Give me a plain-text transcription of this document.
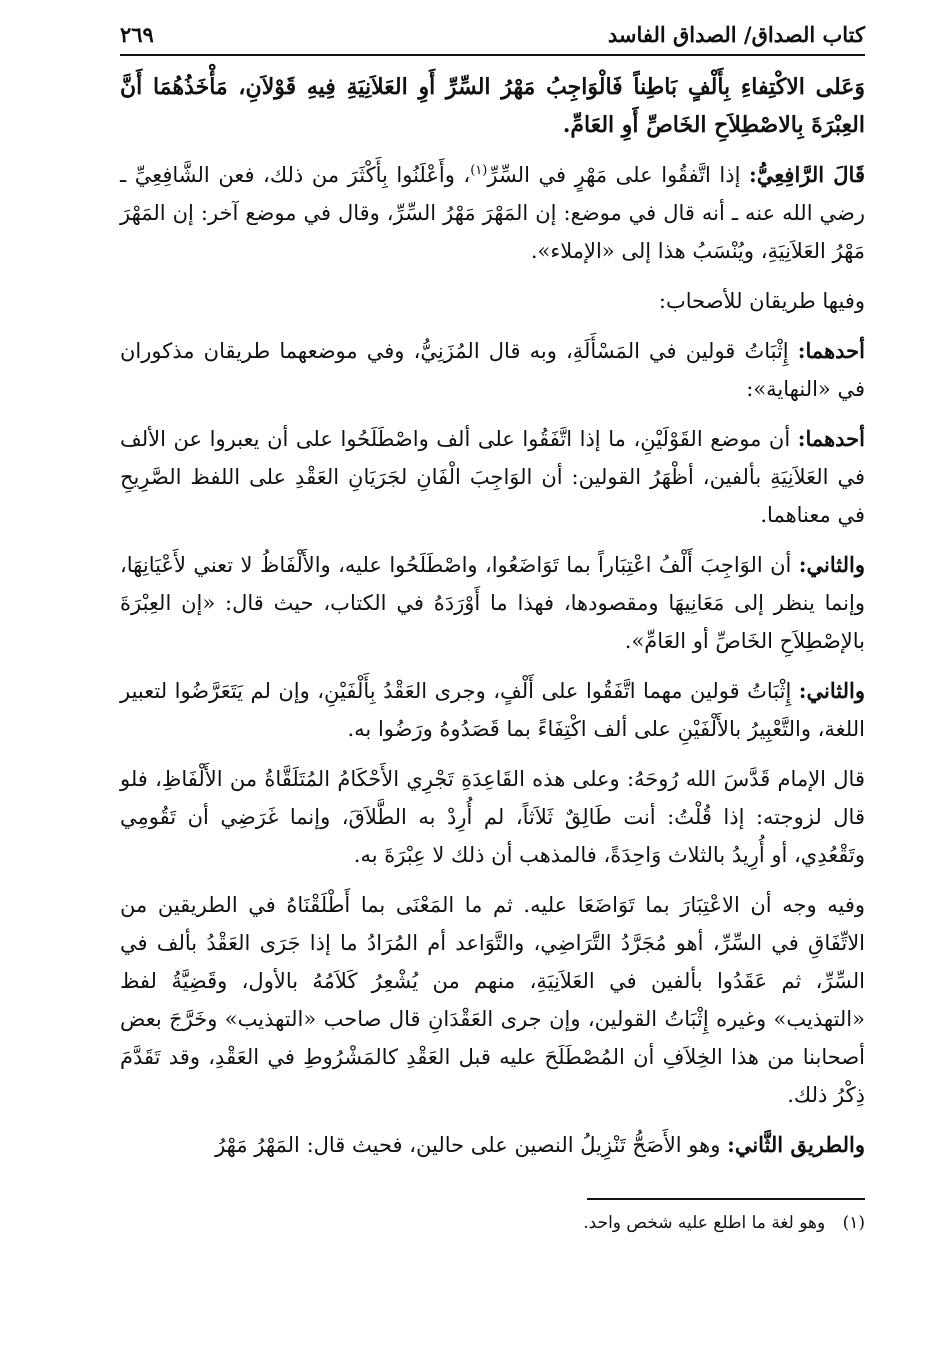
كتاب الصداق/ الصداق الفاسد
٢٦٩

وَعَلى الاكْتِفاءِ بِأَلْفٍ بَاطِناً فَالْوَاجِبُ مَهْرُ السِّرِّ أَوِ العَلاَنِيَةِ فِيهِ قَوْلاَنِ، مَأْخَذُهُمَا أَنَّ العِبْرَةَ بِالاصْطِلاَحِ الخَاصِّ أَوِ العَامِّ.

قَالَ الرَّافِعِيُّ: إذا اتَّفقُوا على مَهْرٍ في السِّرِّ$^{(١)}$، وأَعْلَنُوا بِأَكْثَرَ من ذلك، فعن الشَّافِعِيِّ ـ رضي الله عنه ـ أنه قال في موضع: إن المَهْرَ مَهْرُ السِّرِّ، وقال في موضع آخر: إن المَهْرَ مَهْرُ العَلاَنِيَةِ، ويُنْسَبُ هذا إلى «الإملاء».

وفيها طريقان للأصحاب:

أحدهما: إِثْبَاتُ قولين في المَسْأَلَةِ، وبه قال المُزَنِيُّ، وفي موضعهما طريقان مذكوران في «النهاية»:

أحدهما: أن موضع القَوْلَيْنِ، ما إذا اتَّفَقُوا على ألف واصْطَلَحُوا على أن يعبروا عن الألف في العَلاَنِيَةِ بألفين، أظْهَرُ القولين: أن الوَاجِبَ الْفَانِ لجَرَيَانِ العَقْدِ على اللفظ الصَّرِيحِ في معناهما.

والثاني: أن الوَاجِبَ أَلْفُ اعْتِبَاراً بما تَوَاضَعُوا، واصْطَلَحُوا عليه، والأَلْفَاظُ لا تعني لأَعْيَانِهَا، وإنما ينظر إلى مَعَانِيهَا ومقصودها، فهذا ما أَوْرَدَهُ في الكتاب، حيث قال: «إن العِبْرَةَ بالإصْطِلاَحِ الخَاصِّ أو العَامِّ».

والثاني: إِثْبَاتُ قولين مهما اتَّفَقُوا على أَلْفٍ، وجرى العَقْدُ بِأَلْفَيْنِ، وإن لم يَتَعَرَّضُوا لتعبير اللغة، والتَّعْبِيرُ بالأَلْفَيْنِ على ألف اكْتِفَاءً بما قَصَدُوهُ ورَضُوا به.

قال الإمام قَدَّسَ الله رُوحَهُ: وعلى هذه القَاعِدَةِ تَجْرِي الأَحْكَامُ المُتَلَقَّاةُ من الأَلْفَاظِ، فلو قال لزوجته: إذا قُلْتُ: أنت طَالِقٌ ثَلاَثاً، لم أُرِدْ به الطَّلاَقَ، وإنما غَرَضِي أن تَقُومِي وتَقْعُدِي، أو أُرِيدُ بالثلاث وَاحِدَةً، فالمذهب أن ذلك لا عِبْرَةَ به.

وفيه وجه أن الاعْتِبَارَ بما تَوَاضَعَا عليه. ثم ما المَعْنَى بما أَطْلَقْنَاهُ في الطريقين من الاتِّفَاقِ في السِّرِّ، أهو مُجَرَّدُ التَّرَاضِي، والتَّوَاعد أم المُرَادُ ما إذا جَرَى العَقْدُ بألف في السِّرِّ، ثم عَقَدُوا بألفين في العَلاَنِيَةِ، منهم من يُشْعِرُ كَلاَمُهُ بالأول، وقَضِيَّةُ لفظ «التهذيب» وغيره إِثْبَاتُ القولين، وإن جرى العَقْدَانِ قال صاحب «التهذيب» وخَرَّجَ بعض أصحابنا من هذا الخِلاَفِ أن المُصْطَلَحَ عليه قبل العَقْدِ كالمَشْرُوطِ في العَقْدِ، وقد تَقَدَّمَ ذِكْرُ ذلك.

والطريق الثَّاني: وهو الأَصَحُّ تَنْزِيلُ النصين على حالين، فحيث قال: المَهْرُ مَهْرُ

(١) وهو لغة ما اطلع عليه شخص واحد.
